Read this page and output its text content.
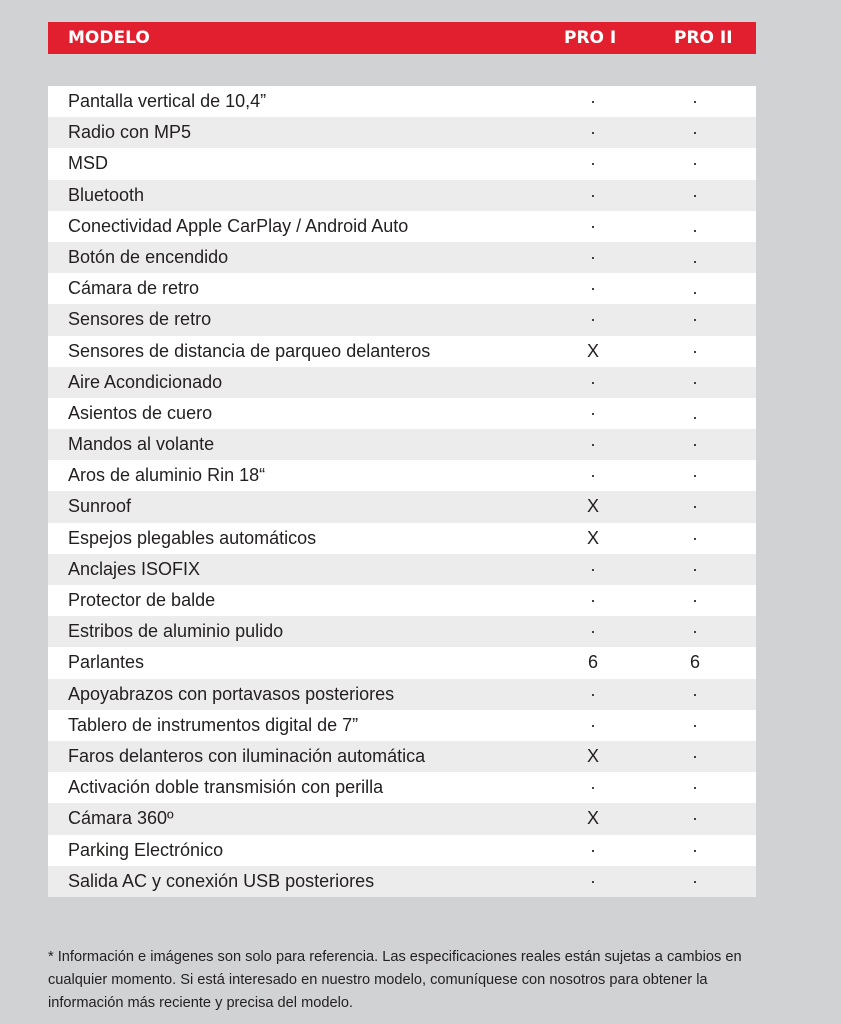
MODELO	PRO I	PRO II
Pantalla vertical de 10,4”	·	·
Radio con MP5	·	·
MSD	·	·
Bluetooth	·	·
Conectividad Apple CarPlay / Android Auto	·	.
Botón de encendido	·	.
Cámara de retro	·	.
Sensores de retro	·	·
Sensores de distancia de parqueo delanteros	X	·
Aire Acondicionado	·	·
Asientos de cuero	·	.
Mandos al volante	·	·
Aros de aluminio Rin 18“	·	·
Sunroof	X	·
Espejos plegables automáticos	X	·
Anclajes ISOFIX	·	·
Protector de balde	·	·
Estribos de aluminio pulido	·	·
Parlantes	6	6
Apoyabrazos con portavasos posteriores	·	·
Tablero de instrumentos digital de 7”	·	·
Faros delanteros con iluminación automática	X	·
Activación doble transmisión con perilla	·	·
Cámara 360º	X	·
Parking Electrónico	·	·
Salida AC y conexión USB posteriores	·	·
* Información e imágenes son solo para referencia. Las especificaciones reales están sujetas a cambios en cualquier momento. Si está interesado en nuestro modelo, comuníquese con nosotros para obtener la información más reciente y precisa del modelo.
